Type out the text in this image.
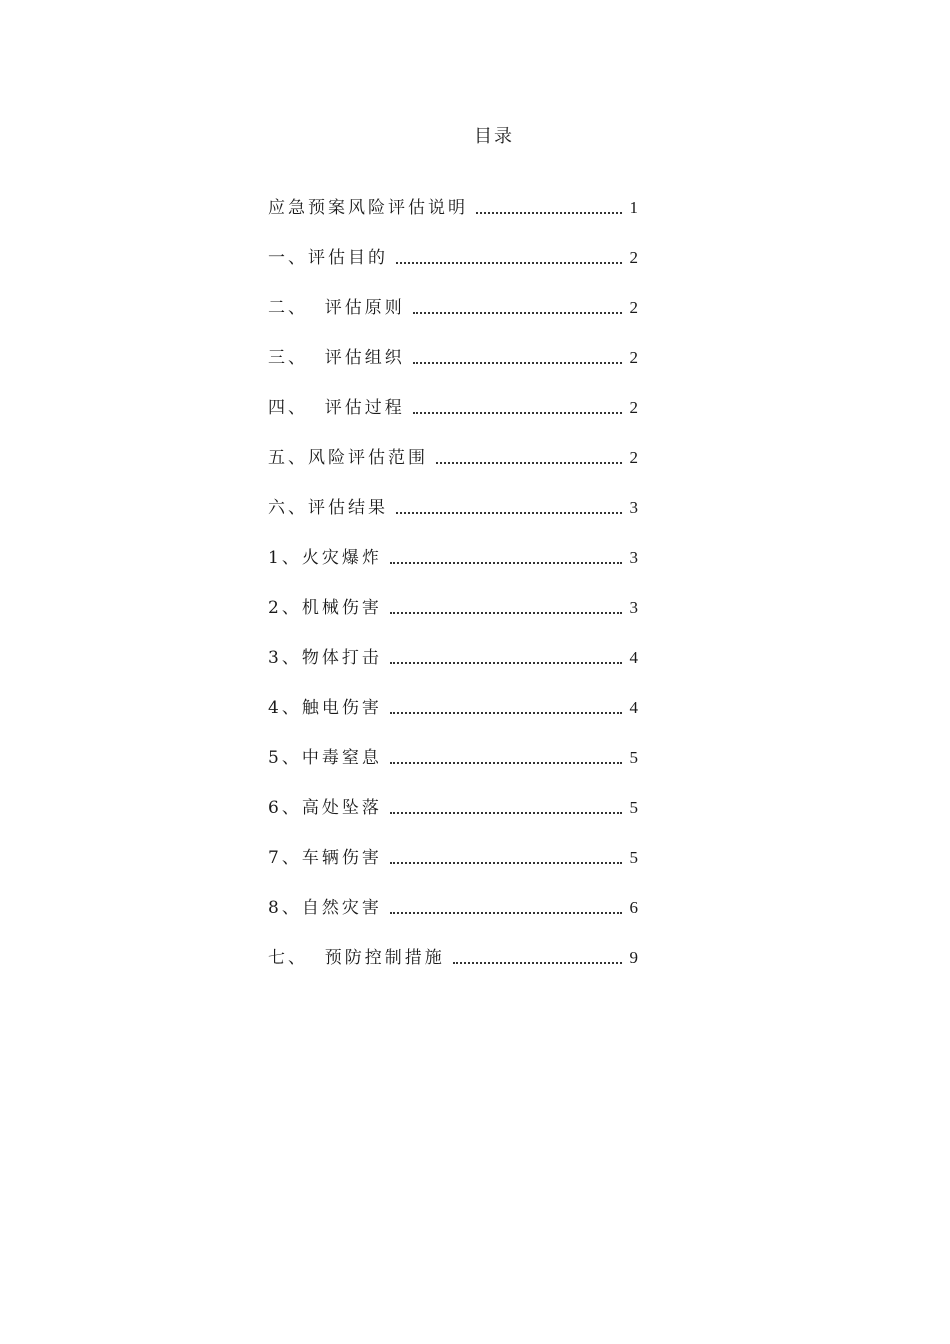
目录
应急预案风险评估说明	1
一、评估目的	2
二、  评估原则	2
三、  评估组织	2
四、  评估过程	2
五、风险评估范围	2
六、评估结果	3
1、火灾爆炸	3
2、机械伤害	3
3、物体打击	4
4、触电伤害	4
5、中毒窒息	5
6、高处坠落	5
7、车辆伤害	5
8、自然灾害	6
七、  预防控制措施	9
